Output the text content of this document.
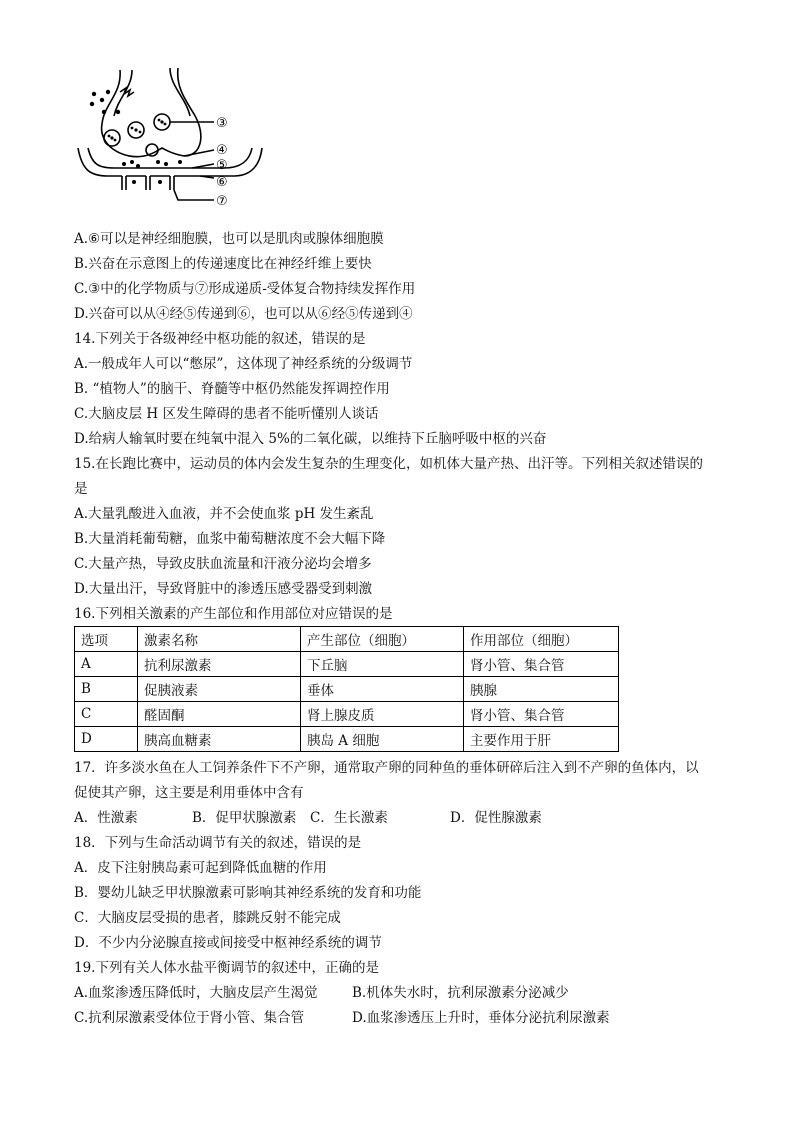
③
④
⑤
⑥
⑦
A.⑥可以是神经细胞膜，也可以是肌肉或腺体细胞膜
B.兴奋在示意图上的传递速度比在神经纤维上要快
C.③中的化学物质与⑦形成递质-受体复合物持续发挥作用
D.兴奋可以从④经⑤传递到⑥，也可以从⑥经⑤传递到④
14.下列关于各级神经中枢功能的叙述，错误的是
A.一般成年人可以“憋尿”，这体现了神经系统的分级调节
B. “植物人”的脑干、脊髓等中枢仍然能发挥调控作用
C.大脑皮层 H 区发生障碍的患者不能听懂别人谈话
D.给病人输氧时要在纯氧中混入 5%的二氧化碳，以维持下丘脑呼吸中枢的兴奋
15.在长跑比赛中，运动员的体内会发生复杂的生理变化，如机体大量产热、出汗等。下列相关叙述错误的
是
A.大量乳酸进入血液，并不会使血浆 pH 发生紊乱
B.大量消耗葡萄糖，血浆中葡萄糖浓度不会大幅下降
C.大量产热，导致皮肤血流量和汗液分泌均会增多
D.大量出汗，导致肾脏中的渗透压感受器受到刺激
16.下列相关激素的产生部位和作用部位对应错误的是
选项	激素名称	产生部位（细胞）	作用部位（细胞）
A	抗利尿激素	下丘脑	肾小管、集合管
B	促胰液素	垂体	胰腺
C	醛固酮	肾上腺皮质	肾小管、集合管
D	胰高血糖素	胰岛 A 细胞	主要作用于肝
17．许多淡水鱼在人工饲养条件下不产卵，通常取产卵的同种鱼的垂体研碎后注入到不产卵的鱼体内，以
促使其产卵，这主要是利用垂体中含有
A．性激素	B．促甲状腺激素 C．生长激素	D．促性腺激素
18．下列与生命活动调节有关的叙述，错误的是
A．皮下注射胰岛素可起到降低血糖的作用
B．婴幼儿缺乏甲状腺激素可影响其神经系统的发育和功能
C．大脑皮层受损的患者，膝跳反射不能完成
D．不少内分泌腺直接或间接受中枢神经系统的调节
19.下列有关人体水盐平衡调节的叙述中，正确的是
A.血浆渗透压降低时，大脑皮层产生渴觉	B.机体失水时，抗利尿激素分泌减少
C.抗利尿激素受体位于肾小管、集合管	D.血浆渗透压上升时，垂体分泌抗利尿激素
